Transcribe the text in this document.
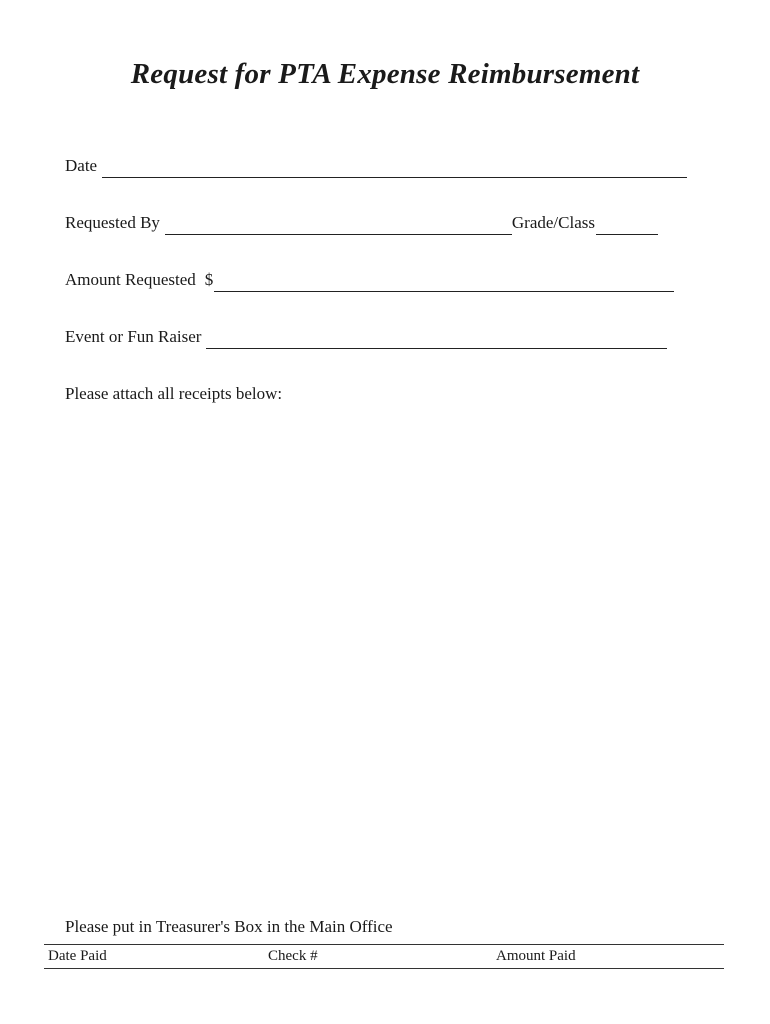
Request for PTA Expense Reimbursement
Date
Requested By	Grade/Class
Amount Requested $
Event or Fun Raiser
Please attach all receipts below:
Please put in Treasurer's Box in the Main Office
Date Paid	Check #	Amount Paid
